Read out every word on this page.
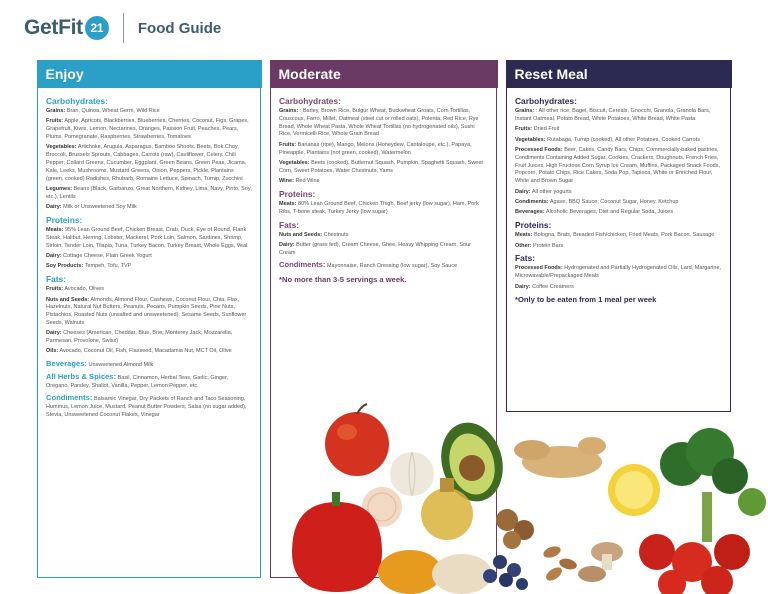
GetFit 21	Food Guide
Enjoy
Carbohydrates:
Grains: Bran, Quinoa, Wheat Germ, Wild Rice
Fruits: Apple, Apricots, Blackberries, Blueberries, Cherries, Coconut, Figs, Grapes, Grapefruit, Kiwis, Lemon, Nectarines, Oranges, Passion Fruit, Peaches, Pears, Plums, Pomegranate, Raspberries, Strawberries, Tomatoes
Vegetables: Artichoke, Arugula, Asparagus, Bamboo Shoots, Beets, Bok Choy, Broccoli, Brussels Sprouts, Cabbages, Carrots (raw), Cauliflower, Celery, Chili Pepper, Collard Greens, Cucumber, Eggplant, Green Beans, Green Peas, Jicama, Kale, Leeks, Mushrooms, Mustard Greens, Onion, Peppers, Pickle, Plantains (green, cooked) Radishes, Rhubarb, Romaine Lettuce, Spinach, Turnip, Zucchini
Legumes: Beans (Black, Garbanzo, Great Northern, Kidney, Lima, Navy, Pinto, Soy, etc.), Lentils
Dairy: Milk or Unsweetened Soy Milk
Proteins:
Meats: 95% Lean Ground Beef, Chicken Breast, Crab, Duck, Eye of Round, Flank Steak, Halibut, Herring, Lobster, Mackerel, Pork Loin, Salmon, Sardines, Shrimp, Sirloin, Tender Loin, Tilapia, Tuna, Turkey Bacon, Turkey Breast, Whole Eggs, Veal
Dairy: Cottage Cheese, Plain Greek Yogurt
Soy Products: Tempeh, Tofu, TVP
Fats:
Fruits: Avocado, Olives
Nuts and Seeds: Almonds, Almond Flour, Cashews, Coconut Flour, Chia, Flax, Hazelnuts, Natural Nut Butters, Peanuts, Pecans, Pumpkin Seeds, Pine Nuts, Pistachios, Roasted Nuts (unsalted and unsweetened), Sesame Seeds, Sunflower Seeds, Walnuts
Dairy: Cheeses (American, Cheddar, Blue, Brie, Monterey Jack, Mozzarella, Parmesan, Provolone, Swiss)
Oils: Avocado, Coconut Oil, Fish, Flaxseed, Macadamia Nut, MCT Oil, Olive
Beverages: Unsweetened Almond Milk
All Herbs & Spices: Basil, Cinnamon, Herbal Teas, Garlic, Ginger, Oregano, Parsley, Shallot, Vanilla, Pepper, Lemon Pepper, etc.
Condiments: Balsamic Vinegar, Dry Packets of Ranch and Taco Seasoning, Hummus, Lemon Juice, Mustard, Peanut Butter Powders, Salsa (no sugar added), Stevia, Unsweetened Coconut Flakes, Vinegar
Moderate
Carbohydrates:
Grains: : Barley, Brown Rice, Bulgur Wheat, Buckwheat Groats, Corn Tortillas, Couscous, Farro, Millet, Oatmeal (steel cut or rolled oats), Polenta, Red Rice, Rye Bread, Whole Wheat Pasta, Whole Wheat Tortillas (no hydrogenated oils), Sushi Rice, Vermicelli Rice, Whole Grain Bread
Fruits: Bananas (ripe), Mango, Melons (Honeydew, Cantaloupe, etc.), Papaya, Pineapple, Plantains (not green, cooked), Watermelon
Vegetables: Beets (cooked), Butternut Squash, Pumpkin, Spaghetti Squash, Sweet Corn, Sweet Potatoes, Water Chestnuts, Yams
Wine: Red Wine
Proteins:
Meats: 80% Lean Ground Beef, Chicken Thigh, Beef jerky (low sugar), Ham, Pork Ribs, T-bone steak, Turkey Jerky (low sugar)
Fats:
Nuts and Seeds: Chestnuts
Dairy: Butter (grass fed), Cream Cheese, Ghee, Heavy Whipping Cream, Sour Cream
Condiments: Mayonnaise, Ranch Dressing (low sugar), Soy Sauce
*No more than 3-5 servings a week.
Reset Meal
Carbohydrates:
Grains: : All other rice, Bagel, Biscuit, Cereals, Gnocchi, Granola, Granola Bars, Instant Oatmeal, Potato Bread, White Potatoes, White Bread, White Pasta
Fruits: Dried Fruit
Vegetables: Rutabaga, Turnip (cooked), All other Potatoes, Cooked Carrots
Processed Foods: Beer, Cakes, Candy Bars, Chips, Commercially-baked pastries, Condiments Containing Added Sugar, Cookies, Crackers, Doughnuts, French Fries, Fruit Juices, High Fructose Corn Syrup Ice Cream, Muffins, Packaged Snack Foods, Popcorn, Potato Chips, Rice Cakes, Soda Pop, Tapioca, White or Enriched Flour, White and Brown Sugar
Dairy: All other yogurts
Condiments: Agave, BBQ Sauce, Coconut Sugar, Honey, Ketchup
Beverages: Alcoholic Beverages, Diet and Regular Soda, Juices
Proteins:
Meats: Bologna, Brats, Breaded Fish/chicken, Fried Meats, Pork Bacon, Sausage
Other: Protein Bars
Fats:
Processed Foods: Hydrogenated and Partially Hydrogenated Oils, Lard, Margarine, Microwavable/Prepackaged Meals
Dairy: Coffee Creamers
*Only to be eaten from 1 meal per week
